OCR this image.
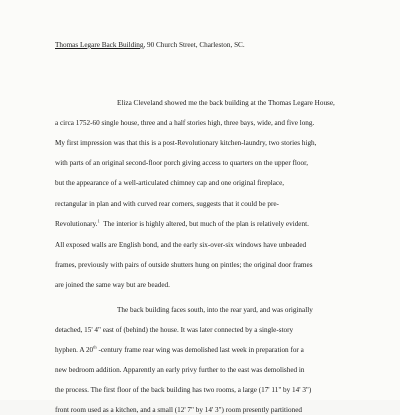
Thomas Legare Back Building, 90 Church Street, Charleston, SC.
Eliza Cleveland showed me the back building at the Thomas Legare House,
a circa 1752-60 single house, three and a half stories high, three bays, wide, and five long.
My first impression was that this is a post-Revolutionary kitchen-laundry, two stories high,
with parts of an original second-floor porch giving access to quarters on the upper floor,
but the appearance of a well-articulated chimney cap and one original fireplace,
rectangular in plan and with curved rear corners, suggests that it could be pre-
Revolutionary.$^1$ The interior is highly altered, but much of the plan is relatively evident.
All exposed walls are English bond, and the early six-over-six windows have unbeaded
frames, previously with pairs of outside shutters hung on pintles; the original door frames
are joined the same way but are beaded.
The back building faces south, into the rear yard, and was originally
detached, 15' 4" east of (behind) the house. It was later connected by a single-story
hyphen. A 20th -century frame rear wing was demolished last week in preparation for a
new bedroom addition. Apparently an early privy further to the east was demolished in
the process. The first floor of the back building has two rooms, a large (17' 11" by 14' 3")
front room used as a kitchen, and a small (12' 7" by 14' 3") room presently partitioned
